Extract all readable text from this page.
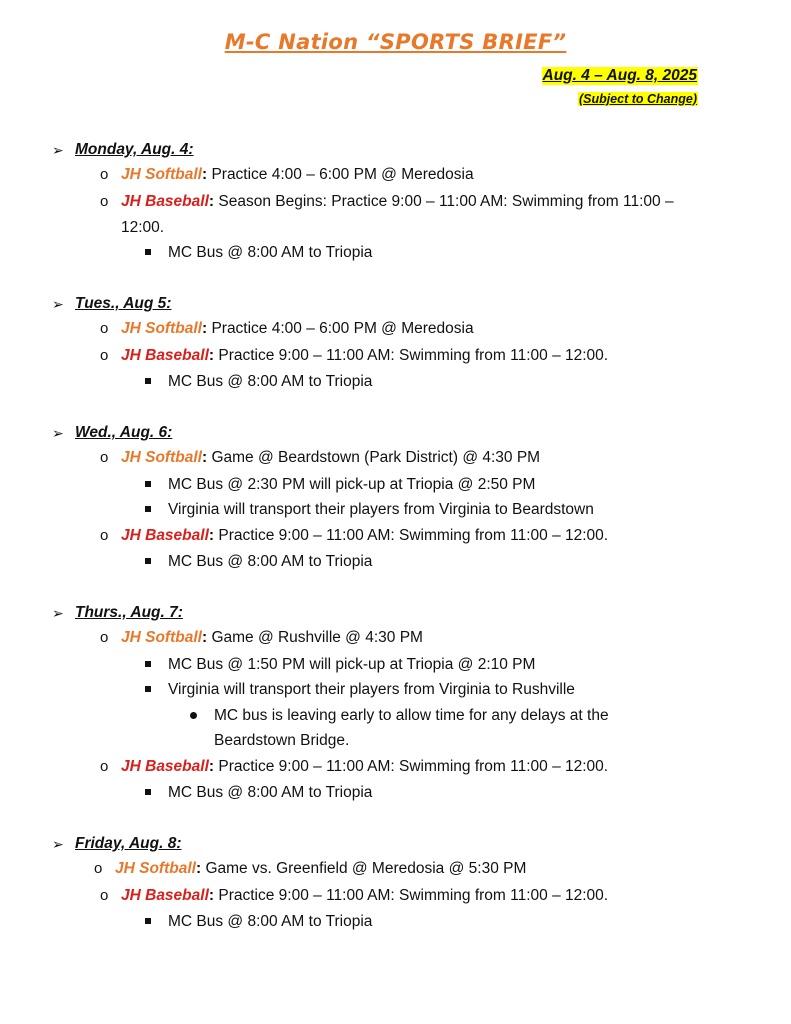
M-C Nation “SPORTS BRIEF”
Aug. 4 – Aug. 8, 2025
(Subject to Change)
➢ Monday, Aug. 4:
o JH Softball: Practice 4:00 – 6:00 PM @ Meredosia
o JH Baseball: Season Begins: Practice 9:00 – 11:00 AM: Swimming from 11:00 –
12:00.
MC Bus @ 8:00 AM to Triopia
➢ Tues., Aug 5:
o JH Softball: Practice 4:00 – 6:00 PM @ Meredosia
o JH Baseball: Practice 9:00 – 11:00 AM: Swimming from 11:00 – 12:00.
MC Bus @ 8:00 AM to Triopia
➢ Wed., Aug. 6:
o JH Softball: Game @ Beardstown (Park District) @ 4:30 PM
MC Bus @ 2:30 PM will pick-up at Triopia @ 2:50 PM
Virginia will transport their players from Virginia to Beardstown
o JH Baseball: Practice 9:00 – 11:00 AM: Swimming from 11:00 – 12:00.
MC Bus @ 8:00 AM to Triopia
➢ Thurs., Aug. 7:
o JH Softball: Game @ Rushville @ 4:30 PM
MC Bus @ 1:50 PM will pick-up at Triopia @ 2:10 PM
Virginia will transport their players from Virginia to Rushville
MC bus is leaving early to allow time for any delays at the
Beardstown Bridge.
o JH Baseball: Practice 9:00 – 11:00 AM: Swimming from 11:00 – 12:00.
MC Bus @ 8:00 AM to Triopia
➢ Friday, Aug. 8:
o JH Softball: Game vs. Greenfield @ Meredosia @ 5:30 PM
o JH Baseball: Practice 9:00 – 11:00 AM: Swimming from 11:00 – 12:00.
MC Bus @ 8:00 AM to Triopia
